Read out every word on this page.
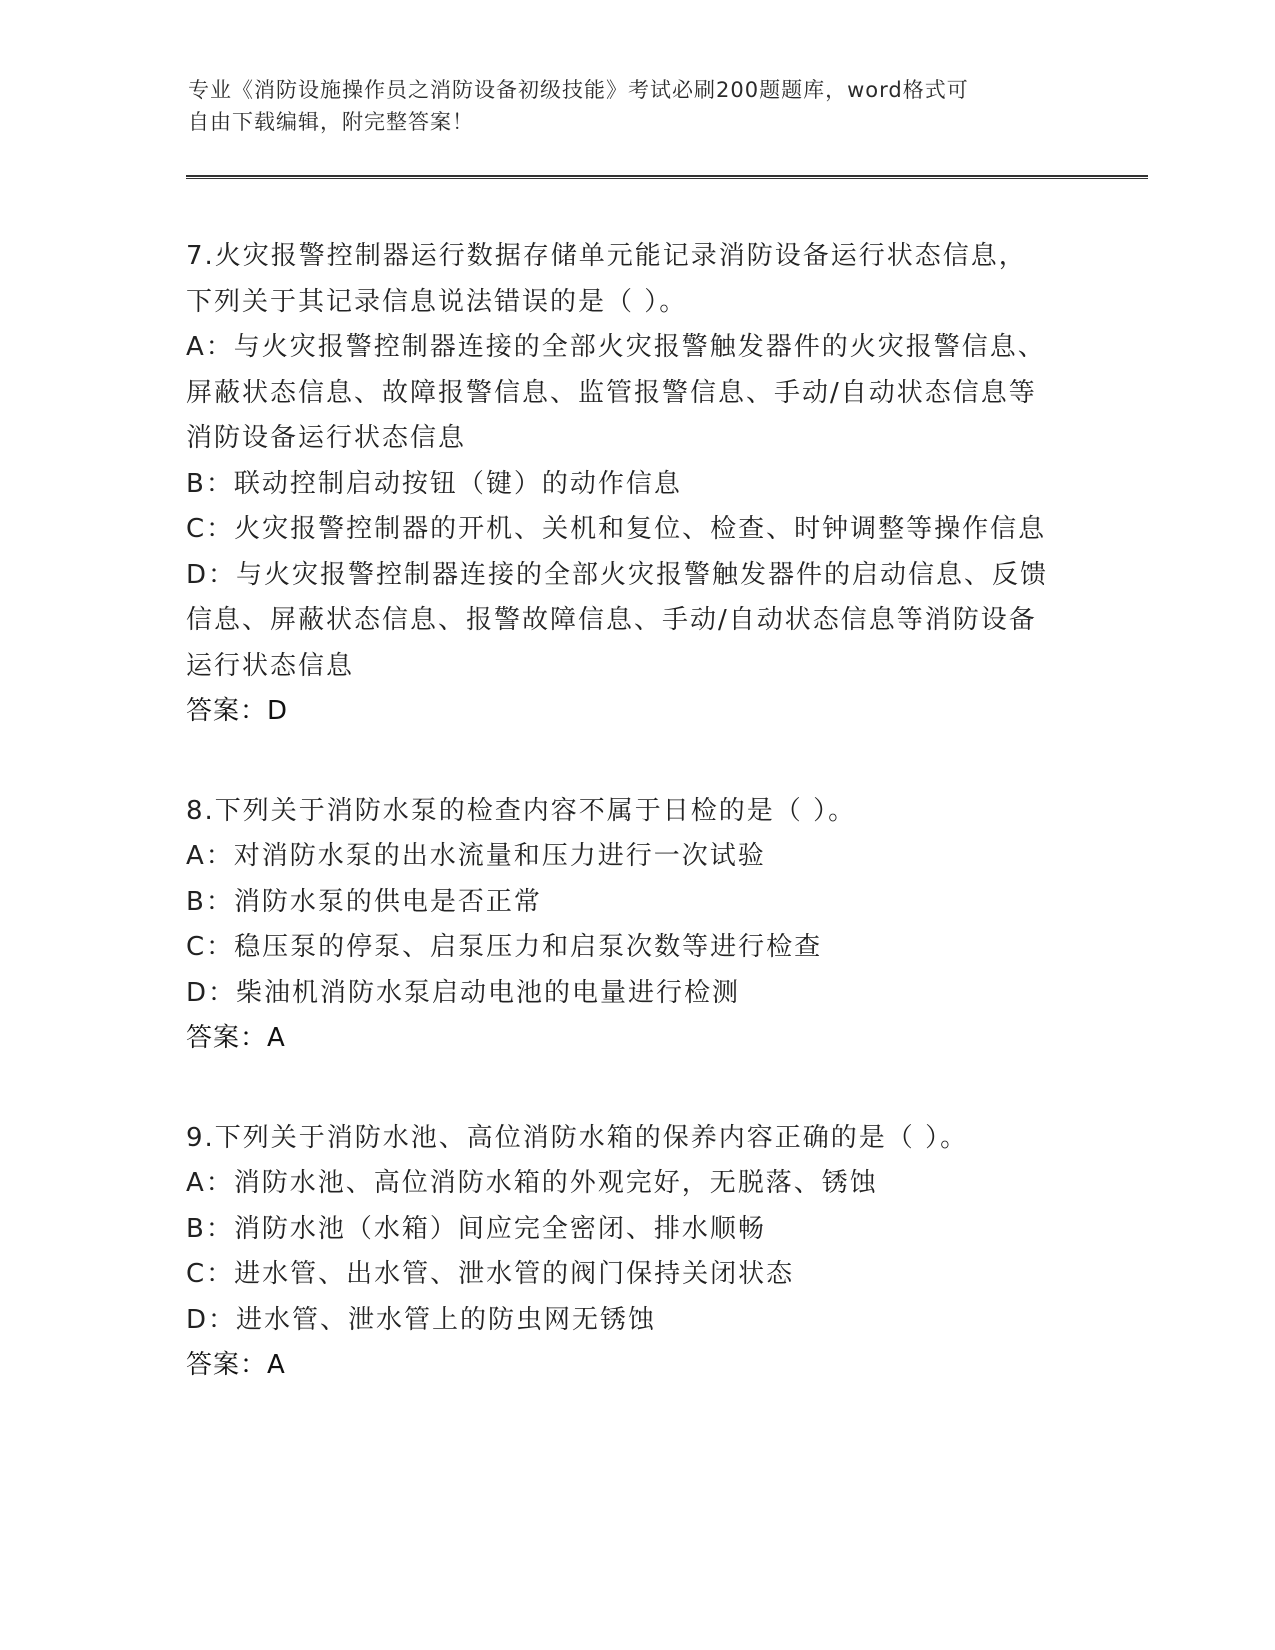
专业《消防设施操作员之消防设备初级技能》考试必刷200题题库，word格式可
自由下载编辑，附完整答案！
7.火灾报警控制器运行数据存储单元能记录消防设备运行状态信息，
下列关于其记录信息说法错误的是（ ）。
A：与火灾报警控制器连接的全部火灾报警触发器件的火灾报警信息、
屏蔽状态信息、故障报警信息、监管报警信息、手动/自动状态信息等
消防设备运行状态信息
B：联动控制启动按钮（键）的动作信息
C：火灾报警控制器的开机、关机和复位、检查、时钟调整等操作信息
D：与火灾报警控制器连接的全部火灾报警触发器件的启动信息、反馈
信息、屏蔽状态信息、报警故障信息、手动/自动状态信息等消防设备
运行状态信息
答案：D
8.下列关于消防水泵的检查内容不属于日检的是（ ）。
A：对消防水泵的出水流量和压力进行一次试验
B：消防水泵的供电是否正常
C：稳压泵的停泵、启泵压力和启泵次数等进行检查
D：柴油机消防水泵启动电池的电量进行检测
答案：A
9.下列关于消防水池、高位消防水箱的保养内容正确的是（ ）。
A：消防水池、高位消防水箱的外观完好，无脱落、锈蚀
B：消防水池（水箱）间应完全密闭、排水顺畅
C：进水管、出水管、泄水管的阀门保持关闭状态
D：进水管、泄水管上的防虫网无锈蚀
答案：A
